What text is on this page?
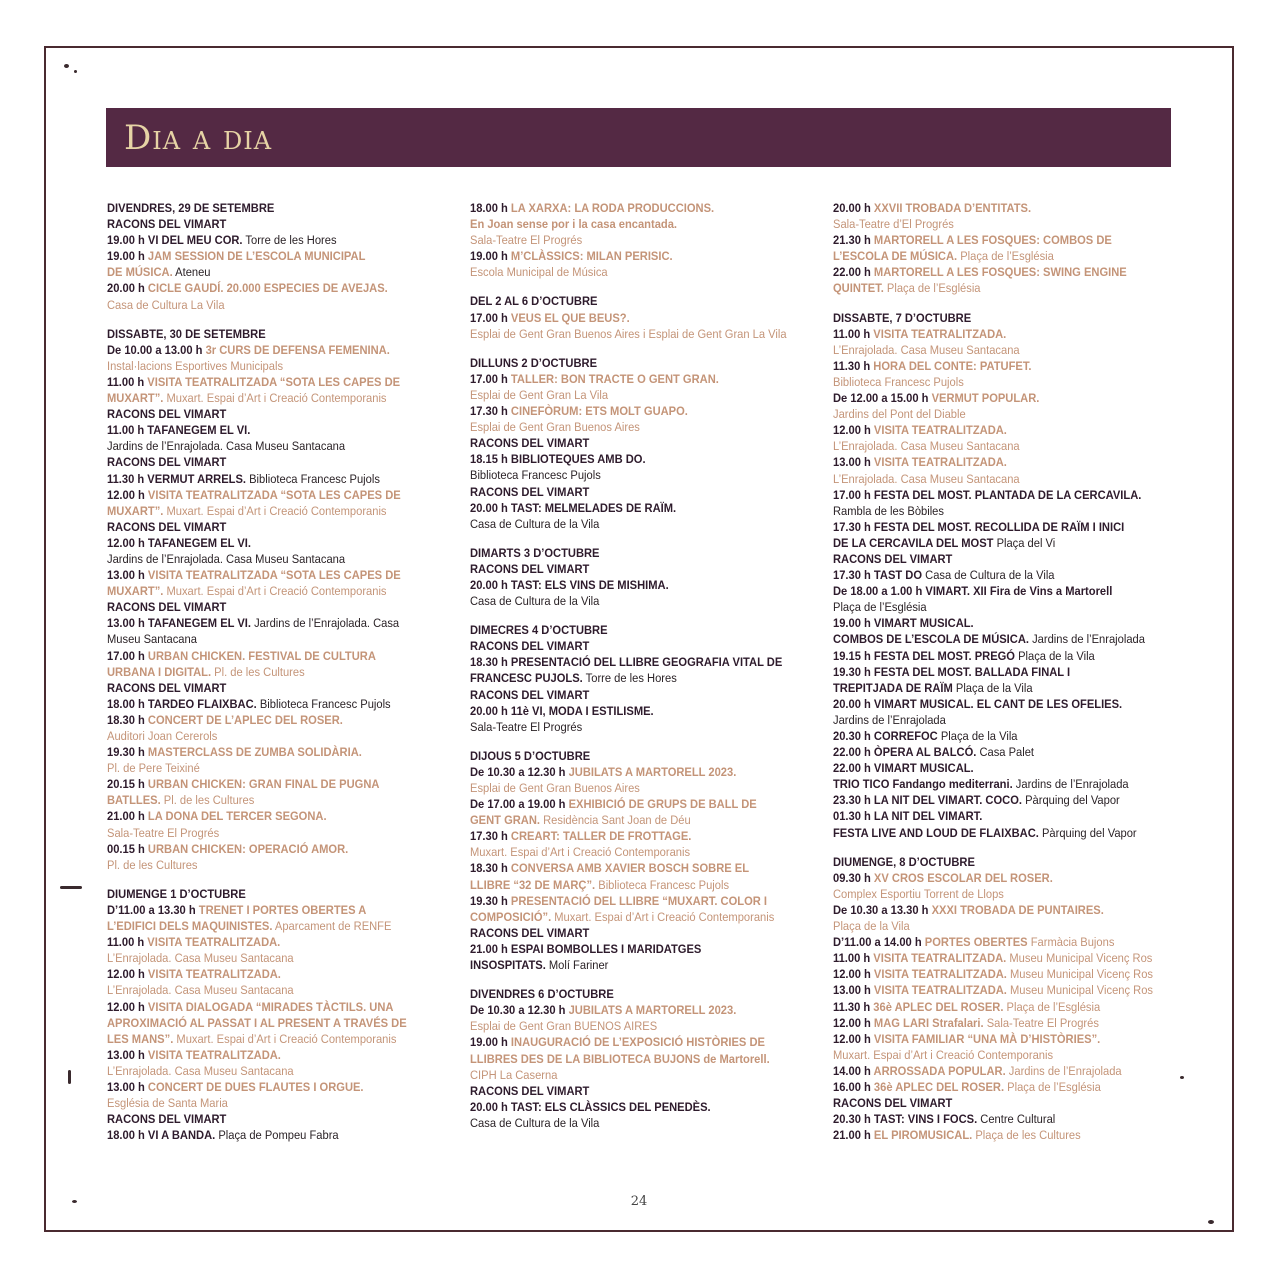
Dia a dia
DIVENDRES, 29 DE SETEMBRE
RACONS DEL VIMART
19.00 h VI DEL MEU COR. Torre de les Hores
19.00 h JAM SESSION DE L’ESCOLA MUNICIPAL
DE MÚSICA. Ateneu
20.00 h CICLE GAUDÍ. 20.000 ESPECIES DE AVEJAS.
Casa de Cultura La Vila
DISSABTE, 30 DE SETEMBRE
De 10.00 a 13.00 h 3r CURS DE DEFENSA FEMENINA.
Instal·lacions Esportives Municipals
11.00 h VISITA TEATRALITZADA “SOTA LES CAPES DE
MUXART”. Muxart. Espai d’Art i Creació Contemporanis
RACONS DEL VIMART
11.00 h TAFANEGEM EL VI.
Jardins de l’Enrajolada. Casa Museu Santacana
RACONS DEL VIMART
11.30 h VERMUT ARRELS. Biblioteca Francesc Pujols
12.00 h VISITA TEATRALITZADA “SOTA LES CAPES DE
MUXART”. Muxart. Espai d’Art i Creació Contemporanis
RACONS DEL VIMART
12.00 h TAFANEGEM EL VI.
Jardins de l’Enrajolada. Casa Museu Santacana
13.00 h VISITA TEATRALITZADA “SOTA LES CAPES DE
MUXART”. Muxart. Espai d’Art i Creació Contemporanis
RACONS DEL VIMART
13.00 h TAFANEGEM EL VI. Jardins de l’Enrajolada. Casa
Museu Santacana
17.00 h URBAN CHICKEN. FESTIVAL DE CULTURA
URBANA I DIGITAL. Pl. de les Cultures
RACONS DEL VIMART
18.00 h TARDEO FLAIXBAC. Biblioteca Francesc Pujols
18.30 h CONCERT DE L’APLEC DEL ROSER.
Auditori Joan Cererols
19.30 h MASTERCLASS DE ZUMBA SOLIDÀRIA.
Pl. de Pere Teixiné
20.15 h URBAN CHICKEN: GRAN FINAL DE PUGNA
BATLLES. Pl. de les Cultures
21.00 h LA DONA DEL TERCER SEGONA.
Sala-Teatre El Progrés
00.15 h URBAN CHICKEN: OPERACIÓ AMOR.
Pl. de les Cultures
DIUMENGE 1 D’OCTUBRE
D’11.00 a 13.30 h TRENET I PORTES OBERTES A
L’EDIFICI DELS MAQUINISTES. Aparcament de RENFE
11.00 h VISITA TEATRALITZADA.
L’Enrajolada. Casa Museu Santacana
12.00 h VISITA TEATRALITZADA.
L’Enrajolada. Casa Museu Santacana
12.00 h VISITA DIALOGADA “MIRADES TÀCTILS. UNA
APROXIMACIÓ AL PASSAT I AL PRESENT A TRAVÉS DE
LES MANS”. Muxart. Espai d’Art i Creació Contemporanis
13.00 h VISITA TEATRALITZADA.
L’Enrajolada. Casa Museu Santacana
13.00 h CONCERT DE DUES FLAUTES I ORGUE.
Església de Santa Maria
RACONS DEL VIMART
18.00 h VI A BANDA. Plaça de Pompeu Fabra
18.00 h LA XARXA: LA RODA PRODUCCIONS.
En Joan sense por i la casa encantada.
Sala-Teatre El Progrés
19.00 h M’CLÀSSICS: MILAN PERISIC.
Escola Municipal de Música
DEL 2 AL 6 D’OCTUBRE
17.00 h VEUS EL QUE BEUS?.
Esplai de Gent Gran Buenos Aires i Esplai de Gent Gran La Vila
DILLUNS 2 D’OCTUBRE
17.00 h TALLER: BON TRACTE O GENT GRAN.
Esplai de Gent Gran La Vila
17.30 h CINEFÒRUM: ETS MOLT GUAPO.
Esplai de Gent Gran Buenos Aires
RACONS DEL VIMART
18.15 h BIBLIOTEQUES AMB DO.
Biblioteca Francesc Pujols
RACONS DEL VIMART
20.00 h TAST: MELMELADES DE RAÏM.
Casa de Cultura de la Vila
DIMARTS 3 D’OCTUBRE
RACONS DEL VIMART
20.00 h TAST: ELS VINS DE MISHIMA.
Casa de Cultura de la Vila
DIMECRES 4 D’OCTUBRE
RACONS DEL VIMART
18.30 h PRESENTACIÓ DEL LLIBRE GEOGRAFIA VITAL DE
FRANCESC PUJOLS. Torre de les Hores
RACONS DEL VIMART
20.00 h 11è VI, MODA I ESTILISME.
Sala-Teatre El Progrés
DIJOUS 5 D’OCTUBRE
De 10.30 a 12.30 h JUBILATS A MARTORELL 2023.
Esplai de Gent Gran Buenos Aires
De 17.00 a 19.00 h EXHIBICIÓ DE GRUPS DE BALL DE
GENT GRAN. Residència Sant Joan de Déu
17.30 h CREART: TALLER DE FROTTAGE.
Muxart. Espai d’Art i Creació Contemporanis
18.30 h CONVERSA AMB XAVIER BOSCH SOBRE EL
LLIBRE “32 DE MARÇ”. Biblioteca Francesc Pujols
19.30 h PRESENTACIÓ DEL LLIBRE “MUXART. COLOR I
COMPOSICIÓ”. Muxart. Espai d’Art i Creació Contemporanis
RACONS DEL VIMART
21.00 h ESPAI BOMBOLLES I MARIDATGES
INSOSPITATS. Molí Fariner
DIVENDRES 6 D’OCTUBRE
De 10.30 a 12.30 h JUBILATS A MARTORELL 2023.
Esplai de Gent Gran BUENOS AIRES
19.00 h INAUGURACIÓ DE L’EXPOSICIÓ HISTÒRIES DE
LLIBRES DES DE LA BIBLIOTECA BUJONS de Martorell.
CIPH La Caserna
RACONS DEL VIMART
20.00 h TAST: ELS CLÀSSICS DEL PENEDÈS.
Casa de Cultura de la Vila
20.00 h XXVII TROBADA D’ENTITATS.
Sala-Teatre d’El Progrés
21.30 h MARTORELL A LES FOSQUES: COMBOS DE
L’ESCOLA DE MÚSICA. Plaça de l’Església
22.00 h MARTORELL A LES FOSQUES: SWING ENGINE
QUINTET. Plaça de l’Església
DISSABTE, 7 D’OCTUBRE
11.00 h VISITA TEATRALITZADA.
L’Enrajolada. Casa Museu Santacana
11.30 h HORA DEL CONTE: PATUFET.
Biblioteca Francesc Pujols
De 12.00 a 15.00 h VERMUT POPULAR.
Jardins del Pont del Diable
12.00 h VISITA TEATRALITZADA.
L’Enrajolada. Casa Museu Santacana
13.00 h VISITA TEATRALITZADA.
L’Enrajolada. Casa Museu Santacana
17.00 h FESTA DEL MOST. PLANTADA DE LA CERCAVILA.
Rambla de les Bòbiles
17.30 h FESTA DEL MOST. RECOLLIDA DE RAÏM I INICI
DE LA CERCAVILA DEL MOST Plaça del Vi
RACONS DEL VIMART
17.30 h TAST DO Casa de Cultura de la Vila
De 18.00 a 1.00 h VIMART. XII Fira de Vins a Martorell
Plaça de l’Església
19.00 h VIMART MUSICAL.
COMBOS DE L’ESCOLA DE MÚSICA. Jardins de l’Enrajolada
19.15 h FESTA DEL MOST. PREGÓ Plaça de la Vila
19.30 h FESTA DEL MOST. BALLADA FINAL I
TREPITJADA DE RAÏM Plaça de la Vila
20.00 h VIMART MUSICAL. EL CANT DE LES OFELIES.
Jardins de l’Enrajolada
20.30 h CORREFOC Plaça de la Vila
22.00 h ÒPERA AL BALCÓ. Casa Palet
22.00 h VIMART MUSICAL.
TRIO TICO Fandango mediterrani. Jardins de l’Enrajolada
23.30 h LA NIT DEL VIMART. COCO. Pàrquing del Vapor
01.30 h LA NIT DEL VIMART.
FESTA LIVE AND LOUD DE FLAIXBAC. Pàrquing del Vapor
DIUMENGE, 8 D’OCTUBRE
09.30 h XV CROS ESCOLAR DEL ROSER.
Complex Esportiu Torrent de Llops
De 10.30 a 13.30 h XXXI TROBADA DE PUNTAIRES.
Plaça de la Vila
D’11.00 a 14.00 h PORTES OBERTES Farmàcia Bujons
11.00 h VISITA TEATRALITZADA. Museu Municipal Vicenç Ros
12.00 h VISITA TEATRALITZADA. Museu Municipal Vicenç Ros
13.00 h VISITA TEATRALITZADA. Museu Municipal Vicenç Ros
11.30 h 36è APLEC DEL ROSER. Plaça de l’Església
12.00 h MAG LARI Strafalari. Sala-Teatre El Progrés
12.00 h VISITA FAMILIAR “UNA MÀ D’HISTÒRIES”.
Muxart. Espai d’Art i Creació Contemporanis
14.00 h ARROSSADA POPULAR. Jardins de l’Enrajolada
16.00 h 36è APLEC DEL ROSER. Plaça de l’Església
RACONS DEL VIMART
20.30 h TAST: VINS I FOCS. Centre Cultural
21.00 h EL PIROMUSICAL. Plaça de les Cultures
24
